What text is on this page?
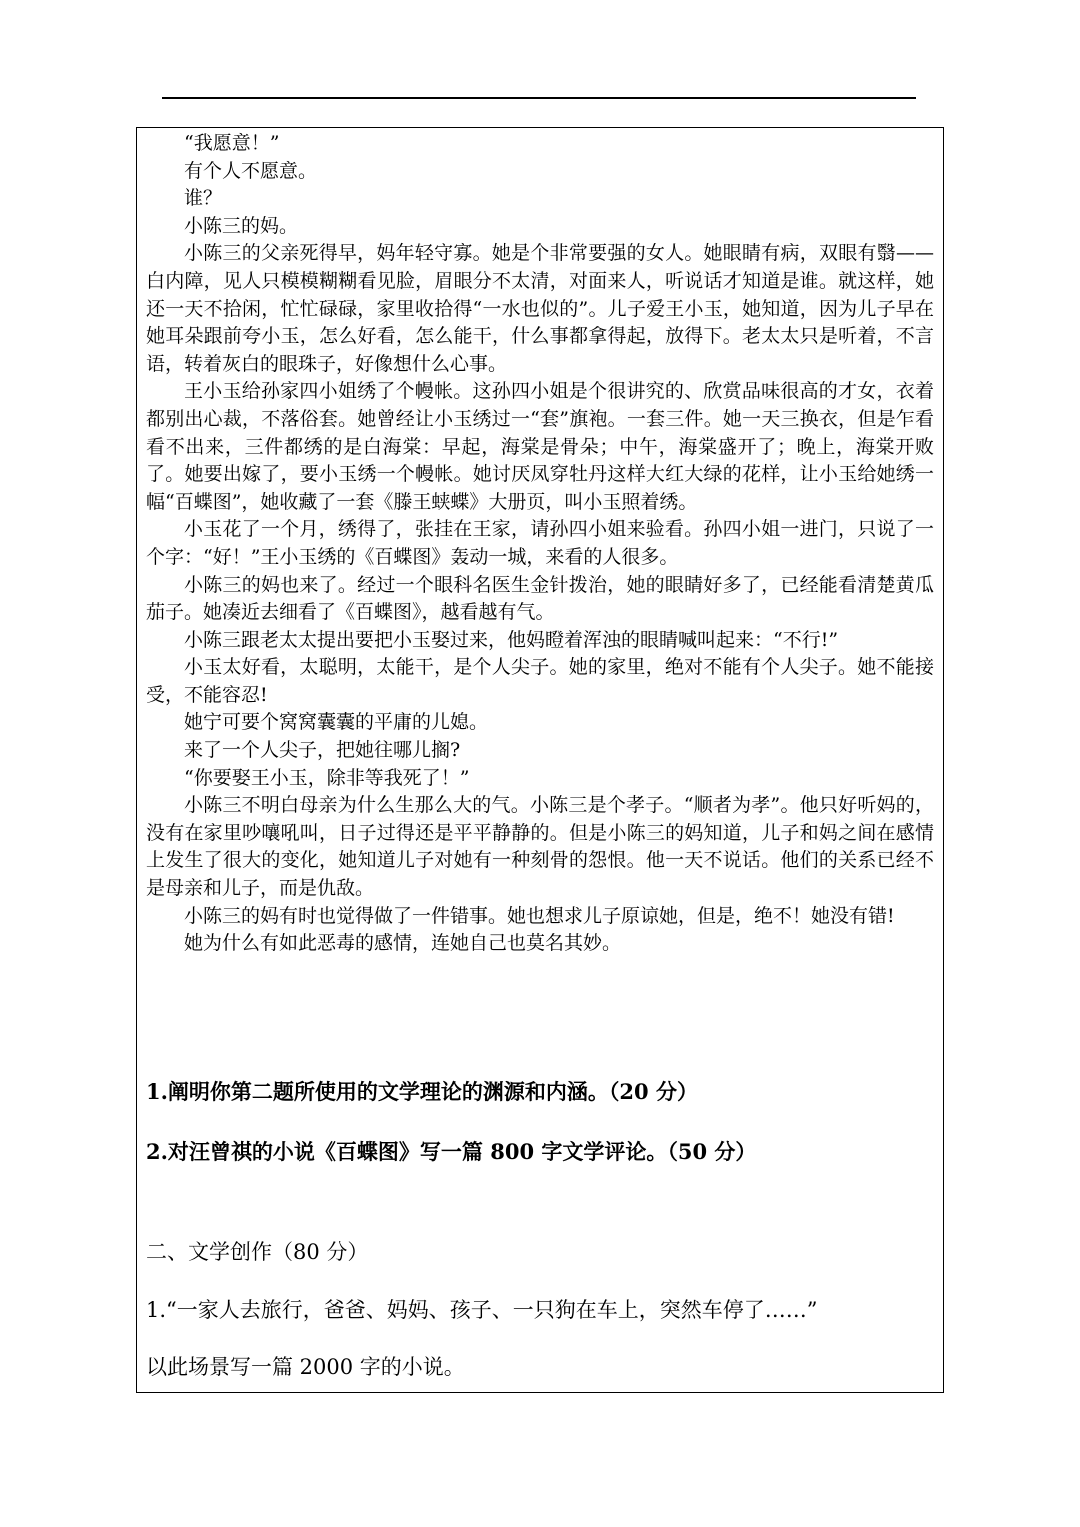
“我愿意！”

有个人不愿意。

谁？

小陈三的妈。

小陈三的父亲死得早，妈年轻守寡。她是个非常要强的女人。她眼睛有病，双眼有翳——白内障，见人只模模糊糊看见脸，眉眼分不太清，对面来人，听说话才知道是谁。就这样，她还一天不拾闲，忙忙碌碌，家里收拾得“一水也似的”。儿子爱王小玉，她知道，因为儿子早在她耳朵跟前夸小玉，怎么好看，怎么能干，什么事都拿得起，放得下。老太太只是听着，不言语，转着灰白的眼珠子，好像想什么心事。

王小玉给孙家四小姐绣了个幔帐。这孙四小姐是个很讲究的、欣赏品味很高的才女，衣着都别出心裁，不落俗套。她曾经让小玉绣过一“套”旗袍。一套三件。她一天三换衣，但是乍看看不出来，三件都绣的是白海棠：早起，海棠是骨朵；中午，海棠盛开了；晚上，海棠开败了。她要出嫁了，要小玉绣一个幔帐。她讨厌凤穿牡丹这样大红大绿的花样，让小玉给她绣一幅“百蝶图”，她收藏了一套《滕王蛱蝶》大册页，叫小玉照着绣。

小玉花了一个月，绣得了，张挂在王家，请孙四小姐来验看。孙四小姐一进门，只说了一个字：“好！”王小玉绣的《百蝶图》轰动一城，来看的人很多。

小陈三的妈也来了。经过一个眼科名医生金针拨治，她的眼睛好多了，已经能看清楚黄瓜茄子。她凑近去细看了《百蝶图》，越看越有气。

小陈三跟老太太提出要把小玉娶过来，他妈瞪着浑浊的眼睛喊叫起来：“不行!”

小玉太好看，太聪明，太能干，是个人尖子。她的家里，绝对不能有个人尖子。她不能接受，不能容忍!

她宁可要个窝窝囊囊的平庸的儿媳。

来了一个人尖子，把她往哪儿搁?

“你要娶王小玉，除非等我死了！”

小陈三不明白母亲为什么生那么大的气。小陈三是个孝子。“顺者为孝”。他只好听妈的，没有在家里吵嚷吼叫，日子过得还是平平静静的。但是小陈三的妈知道，儿子和妈之间在感情上发生了很大的变化，她知道儿子对她有一种刻骨的怨恨。他一天不说话。他们的关系已经不是母亲和儿子，而是仇敌。

小陈三的妈有时也觉得做了一件错事。她也想求儿子原谅她，但是，绝不！她没有错!

她为什么有如此恶毒的感情，连她自己也莫名其妙。

1.阐明你第二题所使用的文学理论的渊源和内涵。（20 分）

2.对汪曾祺的小说《百蝶图》写一篇 800 字文学评论。（50 分）

二、文学创作（80 分）

1.“一家人去旅行，爸爸、妈妈、孩子、一只狗在车上，突然车停了……”

以此场景写一篇 2000 字的小说。
